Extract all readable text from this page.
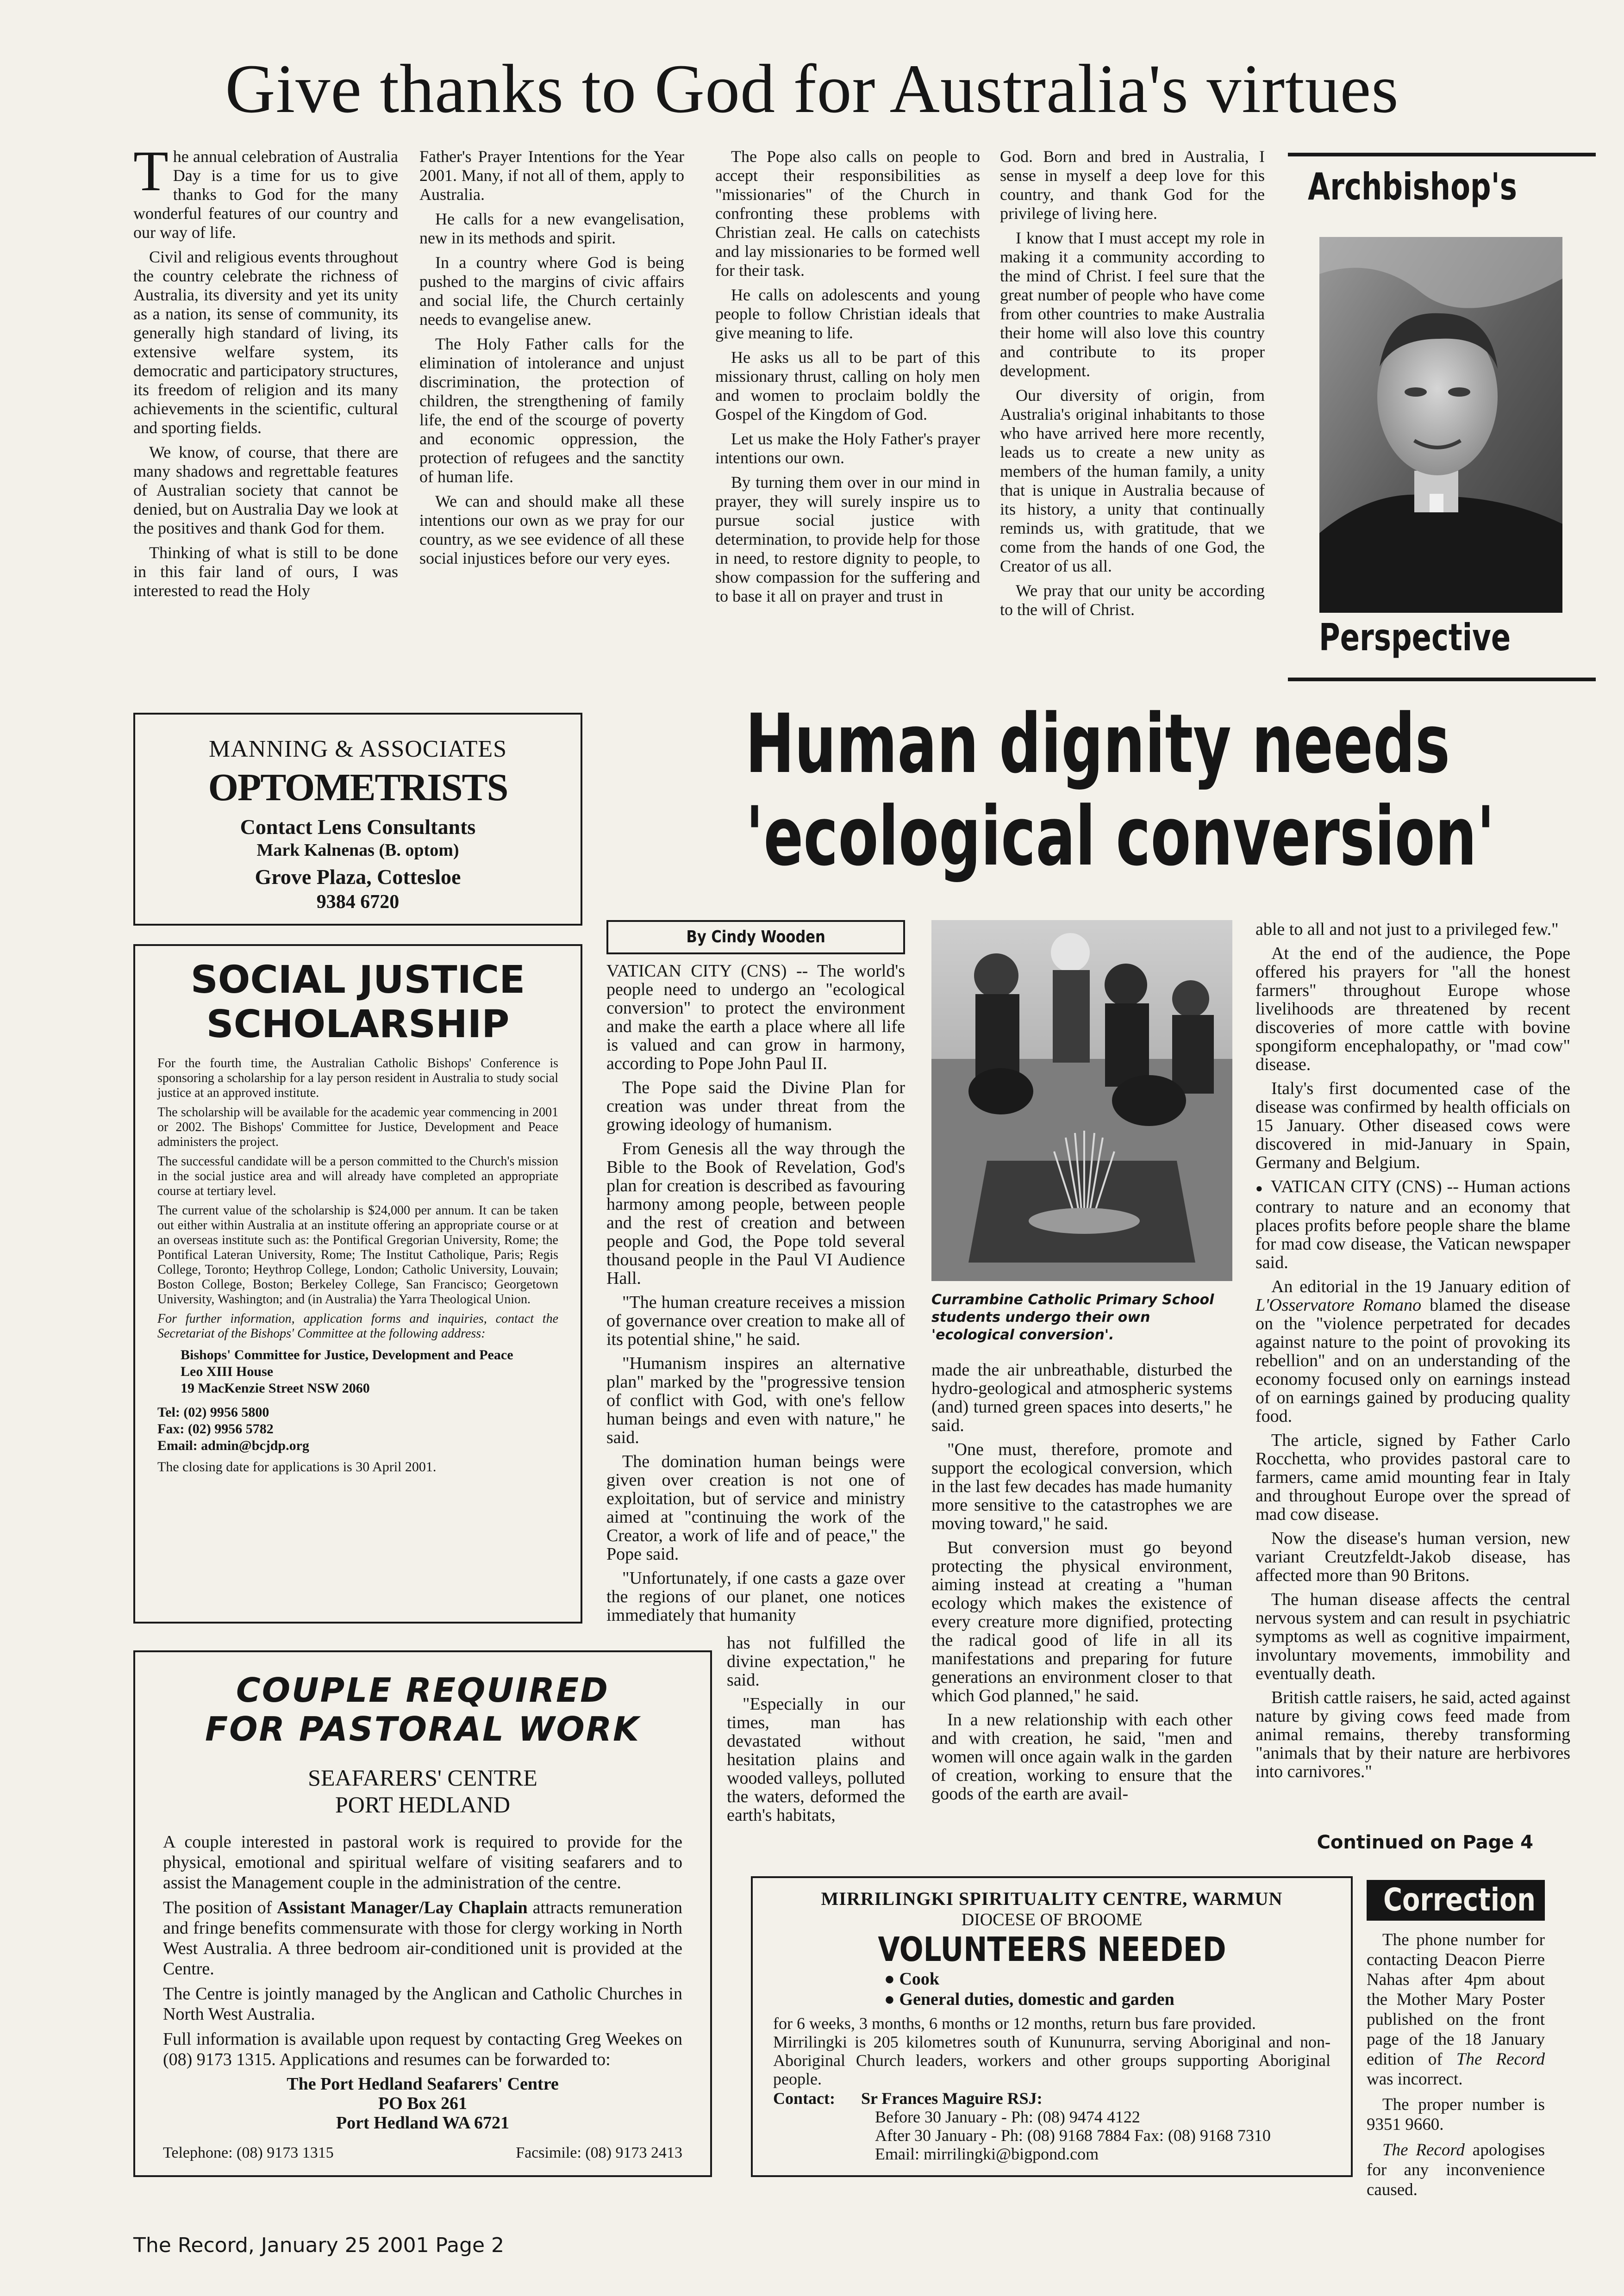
Give thanks to God for Australia's virtues

The annual celebration of Australia Day is a time for us to give thanks to God for the many wonderful features of our country and our way of life.

Civil and religious events throughout the country celebrate the richness of Australia, its diversity and yet its unity as a nation, its sense of community, its generally high standard of living, its extensive welfare system, its democratic and participatory structures, its freedom of religion and its many achievements in the scientific, cultural and sporting fields.

We know, of course, that there are many shadows and regrettable features of Australian society that cannot be denied, but on Australia Day we look at the positives and thank God for them.

Thinking of what is still to be done in this fair land of ours, I was interested to read the Holy

Father's Prayer Intentions for the Year 2001. Many, if not all of them, apply to Australia.

He calls for a new evangelisation, new in its methods and spirit.

In a country where God is being pushed to the margins of civic affairs and social life, the Church certainly needs to evangelise anew.

The Holy Father calls for the elimination of intolerance and unjust discrimination, the protection of children, the strengthening of family life, the end of the scourge of poverty and economic oppression, the protection of refugees and the sanctity of human life.

We can and should make all these intentions our own as we pray for our country, as we see evidence of all these social injustices before our very eyes.

The Pope also calls on people to accept their responsibilities as "missionaries" of the Church in confronting these problems with Christian zeal. He calls on catechists and lay missionaries to be formed well for their task.

He calls on adolescents and young people to follow Christian ideals that give meaning to life.

He asks us all to be part of this missionary thrust, calling on holy men and women to proclaim boldly the Gospel of the Kingdom of God.

Let us make the Holy Father's prayer intentions our own.

By turning them over in our mind in prayer, they will surely inspire us to pursue social justice with determination, to provide help for those in need, to restore dignity to people, to show compassion for the suffering and to base it all on prayer and trust in

God. Born and bred in Australia, I sense in myself a deep love for this country, and thank God for the privilege of living here.

I know that I must accept my role in making it a community according to the mind of Christ. I feel sure that the great number of people who have come from other countries to make Australia their home will also love this country and contribute to its proper development.

Our diversity of origin, from Australia's original inhabitants to those who have arrived here more recently, leads us to create a new unity as members of the human family, a unity that is unique in Australia because of its history, a unity that continually reminds us, with gratitude, that we come from the hands of one God, the Creator of us all.

We pray that our unity be according to the will of Christ.

Archbishop's
Perspective
MANNING & ASSOCIATES
OPTOMETRISTS
Contact Lens Consultants
Mark Kalnenas (B. optom)
Grove Plaza, Cottesloe
9384 6720
SOCIAL JUSTICE
SCHOLARSHIP

For the fourth time, the Australian Catholic Bishops' Conference is sponsoring a scholarship for a lay person resident in Australia to study social justice at an approved institute.

The scholarship will be available for the academic year commencing in 2001 or 2002. The Bishops' Committee for Justice, Development and Peace administers the project.

The successful candidate will be a person committed to the Church's mission in the social justice area and will already have completed an appropriate course at tertiary level.

The current value of the scholarship is $24,000 per annum. It can be taken out either within Australia at an institute offering an appropriate course or at an overseas institute such as: the Pontifical Gregorian University, Rome; the Pontifical Lateran University, Rome; The Institut Catholique, Paris; Regis College, Toronto; Heythrop College, London; Catholic University, Louvain; Boston College, Boston; Berkeley College, San Francisco; Georgetown University, Washington; and (in Australia) the Yarra Theological Union.

For further information, application forms and inquiries, contact the Secretariat of the Bishops' Committee at the following address:

Bishops' Committee for Justice, Development and Peace
Leo XIII House
19 MacKenzie Street NSW 2060
Tel: (02) 9956 5800
Fax: (02) 9956 5782
Email: admin@bcjdp.org
The closing date for applications is 30 April 2001.
COUPLE REQUIRED
FOR PASTORAL WORK
SEAFARERS' CENTRE
PORT HEDLAND

A couple interested in pastoral work is required to provide for the physical, emotional and spiritual welfare of visiting seafarers and to assist the Management couple in the administration of the centre.

The position of Assistant Manager/Lay Chaplain attracts remuneration and fringe benefits commensurate with those for clergy working in North West Australia. A three bedroom air-conditioned unit is provided at the Centre.

The Centre is jointly managed by the Anglican and Catholic Churches in North West Australia.

Full information is available upon request by contacting Greg Weekes on (08) 9173 1315. Applications and resumes can be forwarded to:

The Port Hedland Seafarers' Centre
PO Box 261
Port Hedland WA 6721
Telephone: (08) 9173 1315	Facsimile: (08) 9173 2413
Human dignity needs
'ecological conversion'
By Cindy Wooden

VATICAN CITY (CNS) -- The world's people need to undergo an "ecological conversion" to protect the environment and make the earth a place where all life is valued and can grow in harmony, according to Pope John Paul II.

The Pope said the Divine Plan for creation was under threat from the growing ideology of humanism.

From Genesis all the way through the Bible to the Book of Revelation, God's plan for creation is described as favouring harmony among people, between people and the rest of creation and between people and God, the Pope told several thousand people in the Paul VI Audience Hall.

"The human creature receives a mission of governance over creation to make all of its potential shine," he said.

"Humanism inspires an alternative plan" marked by the "progressive tension of conflict with God, with one's fellow human beings and even with nature," he said.

The domination human beings were given over creation is not one of exploitation, but of service and ministry aimed at "continuing the work of the Creator, a work of life and of peace," the Pope said.

"Unfortunately, if one casts a gaze over the regions of our planet, one notices immediately that humanity

has not fulfilled the divine expectation," he said.

"Especially in our times, man has devastated without hesitation plains and wooded valleys, polluted the waters, deformed the earth's habitats,

Currambine Catholic Primary School students undergo their own 'ecological conversion'.

made the air unbreathable, disturbed the hydro-geological and atmospheric systems (and) turned green spaces into deserts," he said.

"One must, therefore, promote and support the ecological conversion, which in the last few decades has made humanity more sensitive to the catastrophes we are moving toward," he said.

But conversion must go beyond protecting the physical environment, aiming instead at creating a "human ecology which makes the existence of every creature more dignified, protecting the radical good of life in all its manifestations and preparing for future generations an environment closer to that which God planned," he said.

In a new relationship with each other and with creation, he said, "men and women will once again walk in the garden of creation, working to ensure that the goods of the earth are avail-

able to all and not just to a privileged few."

At the end of the audience, the Pope offered his prayers for "all the honest farmers" throughout Europe whose livelihoods are threatened by recent discoveries of more cattle with bovine spongiform encephalopathy, or "mad cow" disease.

Italy's first documented case of the disease was confirmed by health officials on 15 January. Other diseased cows were discovered in mid-January in Spain, Germany and Belgium.

●  VATICAN CITY (CNS) -- Human actions contrary to nature and an economy that places profits before people share the blame for mad cow disease, the Vatican newspaper said.

An editorial in the 19 January edition of L'Osservatore Romano blamed the disease on the "violence perpetrated for decades against nature to the point of provoking its rebellion" and on an understanding of the economy focused only on earnings instead of on earnings gained by producing quality food.

The article, signed by Father Carlo Rocchetta, who provides pastoral care to farmers, came amid mounting fear in Italy and throughout Europe over the spread of mad cow disease.

Now the disease's human version, new variant Creutzfeldt-Jakob disease, has affected more than 90 Britons.

The human disease affects the central nervous system and can result in psychiatric symptoms as well as cognitive impairment, involuntary movements, immobility and eventually death.

British cattle raisers, he said, acted against nature by giving cows feed made from animal remains, thereby transforming "animals that by their nature are herbivores into carnivores."

Continued on Page 4
MIRRILINGKI SPIRITUALITY CENTRE, WARMUN
DIOCESE OF BROOME
VOLUNTEERS NEEDED
● Cook
● General duties, domestic and garden

for 6 weeks, 3 months, 6 months or 12 months, return bus fare provided.

Mirrilingki is 205 kilometres south of Kununurra, serving Aboriginal and non-Aboriginal Church leaders, workers and other groups supporting Aboriginal people.

Contact:	Sr Frances Maguire RSJ:
Before 30 January - Ph: (08) 9474 4122
After 30 January - Ph: (08) 9168 7884 Fax: (08) 9168 7310
Email: mirrilingki@bigpond.com
Correction

The phone number for contacting Deacon Pierre Nahas after 4pm about the Mother Mary Poster published on the front page of the 18 January edition of The Record was incorrect.

The proper number is 9351 9660.

The Record apologises for any inconvenience caused.

The Record, January 25 2001 Page 2
